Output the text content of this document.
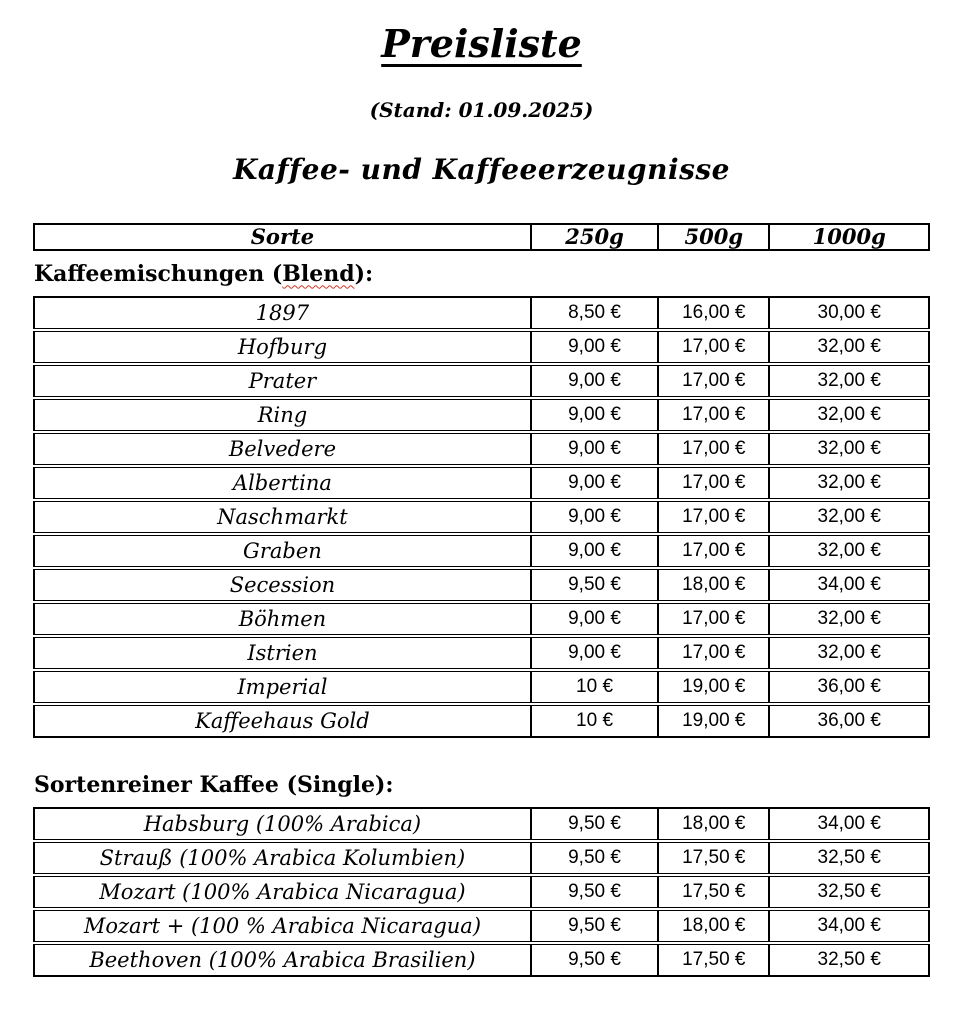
Preisliste

(Stand: 01.09.2025)

Kaffee- und Kaffeeerzeugnisse

Sorte	250g	500g	1000g
Kaffeemischungen (Blend):
1897	8,50 €	16,00 €	30,00 €
Hofburg	9,00 €	17,00 €	32,00 €
Prater	9,00 €	17,00 €	32,00 €
Ring	9,00 €	17,00 €	32,00 €
Belvedere	9,00 €	17,00 €	32,00 €
Albertina	9,00 €	17,00 €	32,00 €
Naschmarkt	9,00 €	17,00 €	32,00 €
Graben	9,00 €	17,00 €	32,00 €
Secession	9,50 €	18,00 €	34,00 €
Böhmen	9,00 €	17,00 €	32,00 €
Istrien	9,00 €	17,00 €	32,00 €
Imperial	10 €	19,00 €	36,00 €
Kaffeehaus Gold	10 €	19,00 €	36,00 €
Sortenreiner Kaffee (Single):
Habsburg (100% Arabica)	9,50 €	18,00 €	34,00 €
Strauß (100% Arabica Kolumbien)	9,50 €	17,50 €	32,50 €
Mozart (100% Arabica Nicaragua)	9,50 €	17,50 €	32,50 €
Mozart + (100 % Arabica Nicaragua)	9,50 €	18,00 €	34,00 €
Beethoven (100% Arabica Brasilien)	9,50 €	17,50 €	32,50 €
